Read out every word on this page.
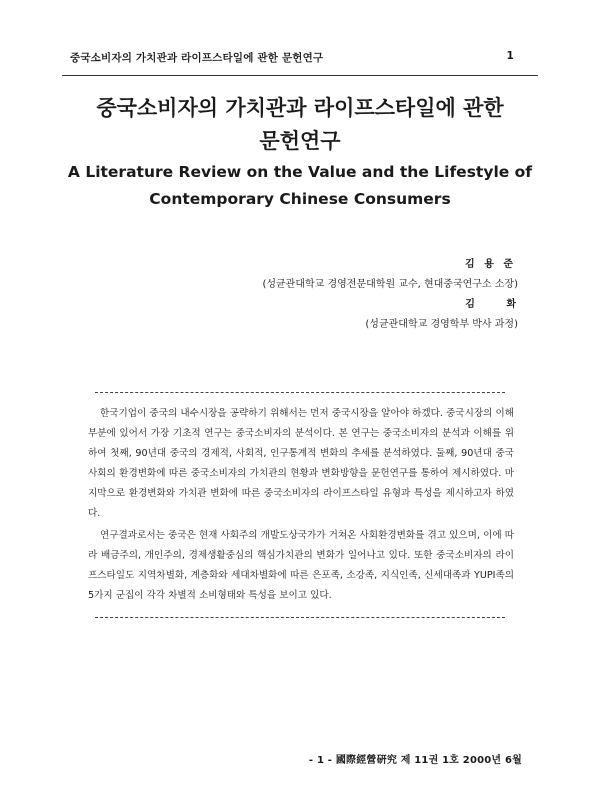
중국소비자의 가치관과 라이프스타일에 관한 문헌연구	1
중국소비자의 가치관과 라이프스타일에 관한
문헌연구
A Literature Review on the Value and the Lifestyle of
Contemporary Chinese Consumers
김 용 준
(성균관대학교 경영전문대학원 교수, 현대중국연구소 소장)
김 화
(성균관대학교 경영학부 박사 과정)

한국기업이 중국의 내수시장을 공략하기 위해서는 먼저 중국시장을 알아야 하겠다. 중국시장의 이해부분에 있어서 가장 기초적 연구는 중국소비자의 분석이다. 본 연구는 중국소비자의 분석과 이해를 위하여 첫째, 90년대 중국의 경제적, 사회적, 인구통계적 변화의 추세를 분석하였다. 둘째, 90년대 중국사회의 환경변화에 따른 중국소비자의 가치관의 현황과 변화방향을 문헌연구를 통하여 제시하였다. 마지막으로 환경변화와 가치관 변화에 따른 중국소비자의 라이프스타일 유형과 특성을 제시하고자 하였다.

연구결과로서는 중국은 현재 사회주의 개발도상국가가 거쳐온 사회환경변화를 겪고 있으며, 이에 따라 배금주의, 개인주의, 경제생활중심의 핵심가치관의 변화가 일어나고 있다. 또한 중국소비자의 라이프스타일도 지역차별화, 계층화와 세대차별화에 따른 은포족, 소강족, 지식인족, 신세대족과 YUPI족의 5가지 군집이 각각 차별적 소비형태와 특성을 보이고 있다.

- 1 - 國際經營硏究 제 11권 1호 2000년 6월
